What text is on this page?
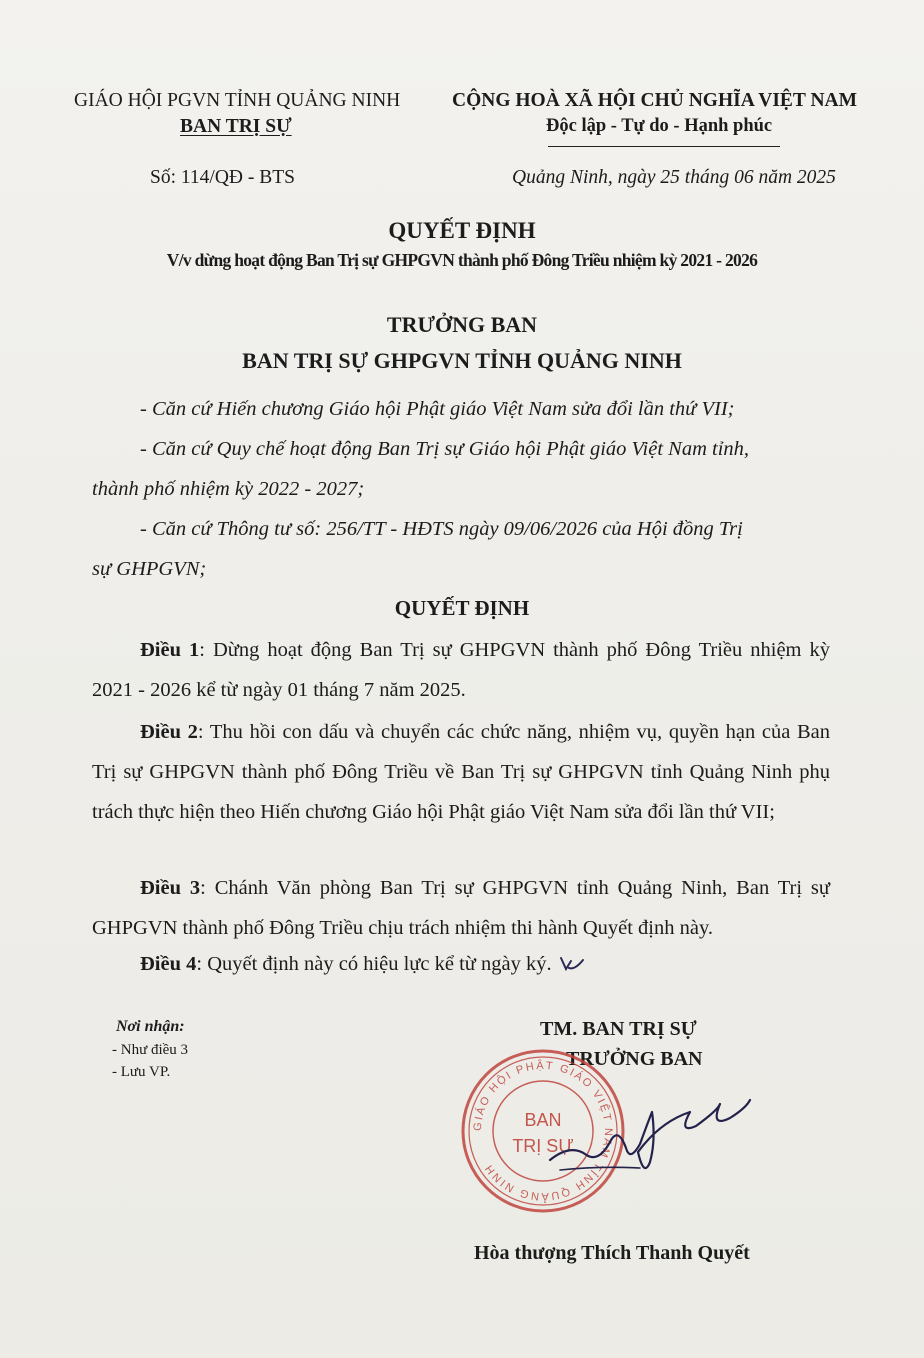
GIÁO HỘI PGVN TỈNH QUẢNG NINH
BAN TRỊ SỰ
CỘNG HOÀ XÃ HỘI CHỦ NGHĨA VIỆT NAM
Độc lập - Tự do - Hạnh phúc
Số: 114/QĐ - BTS	Quảng Ninh, ngày 25 tháng 06 năm 2025
QUYẾT ĐỊNH
V/v dừng hoạt động Ban Trị sự GHPGVN thành phố Đông Triều nhiệm kỳ 2021 - 2026
TRƯỞNG BAN
BAN TRỊ SỰ GHPGVN TỈNH QUẢNG NINH
- Căn cứ Hiến chương Giáo hội Phật giáo Việt Nam sửa đổi lần thứ VII;
- Căn cứ Quy chế hoạt động Ban Trị sự Giáo hội Phật giáo Việt Nam tỉnh,
thành phố nhiệm kỳ 2022 - 2027;
- Căn cứ Thông tư số: 256/TT - HĐTS ngày 09/06/2026 của Hội đồng Trị
sự GHPGVN;
QUYẾT ĐỊNH
Điều 1: Dừng hoạt động Ban Trị sự GHPGVN thành phố Đông Triều nhiệm kỳ 2021 - 2026 kể từ ngày 01 tháng 7 năm 2025.
Điều 2: Thu hồi con dấu và chuyển các chức năng, nhiệm vụ, quyền hạn của Ban Trị sự GHPGVN thành phố Đông Triều về Ban Trị sự GHPGVN tỉnh Quảng Ninh phụ trách thực hiện theo Hiến chương Giáo hội Phật giáo Việt Nam sửa đổi lần thứ VII;
Điều 3: Chánh Văn phòng Ban Trị sự GHPGVN tỉnh Quảng Ninh, Ban Trị sự GHPGVN thành phố Đông Triều chịu trách nhiệm thi hành Quyết định này.
Điều 4: Quyết định này có hiệu lực kể từ ngày ký.
Nơi nhận:
- Như điều 3
- Lưu VP.
TM. BAN TRỊ SỰ
TRƯỞNG BAN
GIÁO HỘI PHẬT GIÁO VIỆT NAM TỈNH QUẢNG NINH
BAN
TRỊ SỰ
Hòa thượng Thích Thanh Quyết
